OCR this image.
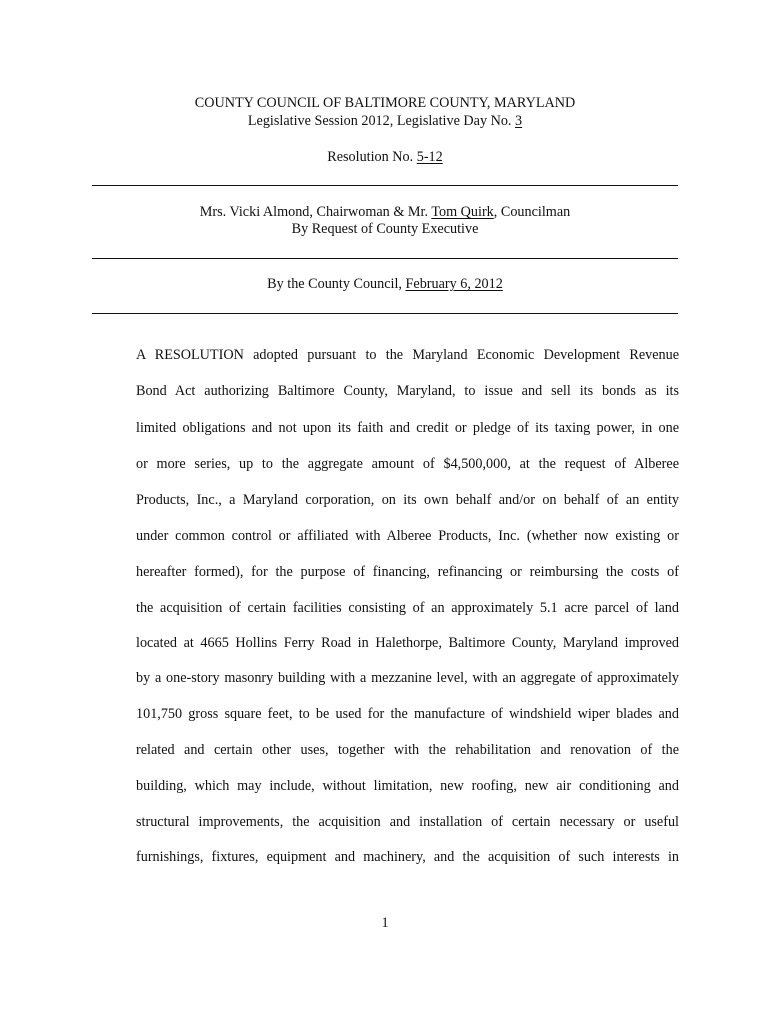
COUNTY COUNCIL OF BALTIMORE COUNTY, MARYLAND
Legislative Session 2012, Legislative Day No. 3
Resolution No. 5-12
Mrs. Vicki Almond, Chairwoman & Mr. Tom Quirk, Councilman
By Request of County Executive
By the County Council, February 6, 2012
A RESOLUTION adopted pursuant to the Maryland Economic Development Revenue
Bond Act authorizing Baltimore County, Maryland, to issue and sell its bonds as its
limited obligations and not upon its faith and credit or pledge of its taxing power, in one
or more series, up to the aggregate amount of $4,500,000, at the request of Alberee
Products, Inc., a Maryland corporation, on its own behalf and/or on behalf of an entity
under common control or affiliated with Alberee Products, Inc. (whether now existing or
hereafter formed), for the purpose of financing, refinancing or reimbursing the costs of
the acquisition of certain facilities consisting of an approximately 5.1 acre parcel of land
located at 4665 Hollins Ferry Road in Halethorpe, Baltimore County, Maryland improved
by a one-story masonry building with a mezzanine level, with an aggregate of approximately
101,750 gross square feet, to be used for the manufacture of windshield wiper blades and
related and certain other uses, together with the rehabilitation and renovation of the
building, which may include, without limitation, new roofing, new air conditioning and
structural improvements, the acquisition and installation of certain necessary or useful
furnishings, fixtures, equipment and machinery, and the acquisition of such interests in
1
